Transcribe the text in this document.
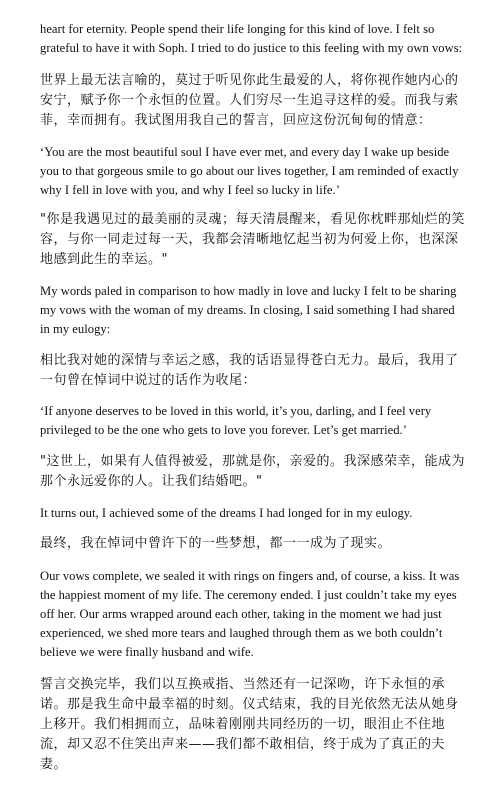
heart for eternity. People spend their life longing for this kind of love. I felt so grateful to have it with Soph. I tried to do justice to this feeling with my own vows:

世界上最无法言喻的，莫过于听见你此生最爱的人，将你视作她内心的安宁，赋予你一个永恒的位置。人们穷尽一生追寻这样的爱。而我与索菲，幸而拥有。我试图用我自己的誓言，回应这份沉甸甸的情意：

‘You are the most beautiful soul I have ever met, and every day I wake up beside you to that gorgeous smile to go about our lives together, I am reminded of exactly why I fell in love with you, and why I feel so lucky in life.’

"你是我遇见过的最美丽的灵魂；每天清晨醒来，看见你枕畔那灿烂的笑容，与你一同走过每一天，我都会清晰地忆起当初为何爱上你，也深深地感到此生的幸运。"

My words paled in comparison to how madly in love and lucky I felt to be sharing my vows with the woman of my dreams. In closing, I said something I had shared in my eulogy:

相比我对她的深情与幸运之感，我的话语显得苍白无力。最后，我用了一句曾在悼词中说过的话作为收尾：

‘If anyone deserves to be loved in this world, it’s you, darling, and I feel very privileged to be the one who gets to love you forever. Let’s get married.’

"这世上，如果有人值得被爱，那就是你，亲爱的。我深感荣幸，能成为那个永远爱你的人。让我们结婚吧。"

It turns out, I achieved some of the dreams I had longed for in my eulogy.

最终，我在悼词中曾许下的一些梦想，都一一成为了现实。

Our vows complete, we sealed it with rings on fingers and, of course, a kiss. It was the happiest moment of my life. The ceremony ended. I just couldn’t take my eyes off her. Our arms wrapped around each other, taking in the moment we had just experienced, we shed more tears and laughed through them as we both couldn’t believe we were finally husband and wife.

誓言交换完毕，我们以互换戒指、当然还有一记深吻，许下永恒的承诺。那是我生命中最幸福的时刻。仪式结束，我的目光依然无法从她身上移开。我们相拥而立，品味着刚刚共同经历的一切，眼泪止不住地流，却又忍不住笑出声来——我们都不敢相信，终于成为了真正的夫妻。
